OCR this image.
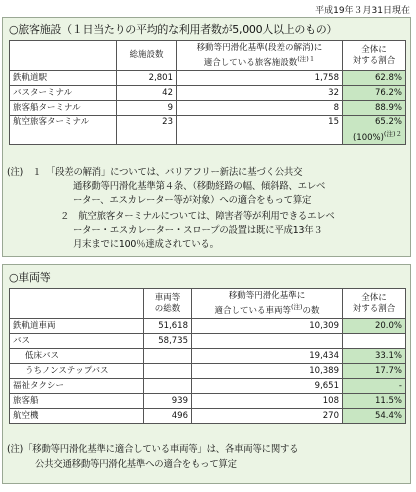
平成19年３月31日現在
○旅客施設（１日当たりの平均的な利用者数が5,000人以上のもの）
	総施設数	移動等円滑化基準(段差の解消)に
適合している旅客施設数$^{(注)1}$	全体に
対する割合
鉄軌道駅	2,801	1,758	62.8%
バスターミナル	42	32	76.2%
旅客船ターミナル	9	8	88.9%
航空旅客ターミナル	23	15	65.2%
$(100\%)^{(注)2}$
(注)　１　「段差の解消」については、バリアフリー新法に基づく公共交
通移動等円滑化基準第４条、（移動経路の幅、傾斜路、エレベ
ーター、エスカレーター等が対象）への適合をもって算定
２　航空旅客ターミナルについては、障害者等が利用できるエレベ
ーター・エスカレーター・スロープの設置は既に平成13年３
月末までに100％達成されている。
○車両等
	車両等
の総数	移動等円滑化基準に
適合している車両等$^{(注)}$の数	全体に
対する割合
鉄軌道車両	51,618	10,309	20.0%
バス	58,735		
低床バス		19,434	33.1%
うちノンステップバス		10,389	17.7%
福祉タクシー		9,651	-
旅客船	939	108	11.5%
航空機	496	270	54.4%
(注)「移動等円滑化基準に適合している車両等」は、各車両等に関する
公共交通移動等円滑化基準への適合をもって算定
